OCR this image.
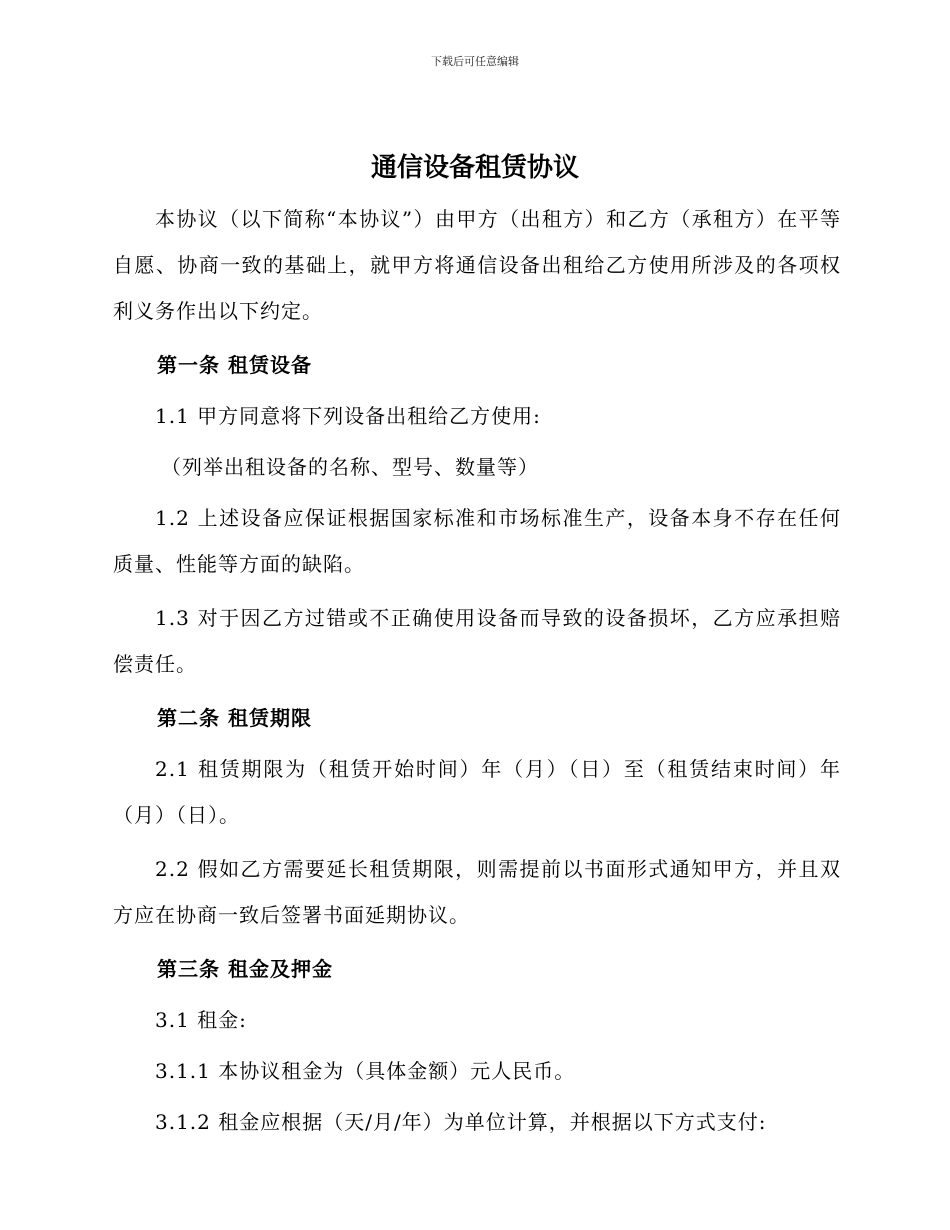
下载后可任意编辑
通信设备租赁协议

本协议（以下简称“本协议”）由甲方（出租方）和乙方（承租方）在平等自愿、协商一致的基础上，就甲方将通信设备出租给乙方使用所涉及的各项权利义务作出以下约定。

第一条 租赁设备

1.1 甲方同意将下列设备出租给乙方使用:

（列举出租设备的名称、型号、数量等）

1.2 上述设备应保证根据国家标准和市场标准生产，设备本身不存在任何质量、性能等方面的缺陷。

1.3 对于因乙方过错或不正确使用设备而导致的设备损坏，乙方应承担赔偿责任。

第二条 租赁期限

2.1 租赁期限为（租赁开始时间）年（月）（日）至（租赁结束时间）年（月）（日）。

2.2 假如乙方需要延长租赁期限，则需提前以书面形式通知甲方，并且双方应在协商一致后签署书面延期协议。

第三条 租金及押金

3.1 租金:

3.1.1 本协议租金为（具体金额）元人民币。

3.1.2 租金应根据（天/月/年）为单位计算，并根据以下方式支付:
